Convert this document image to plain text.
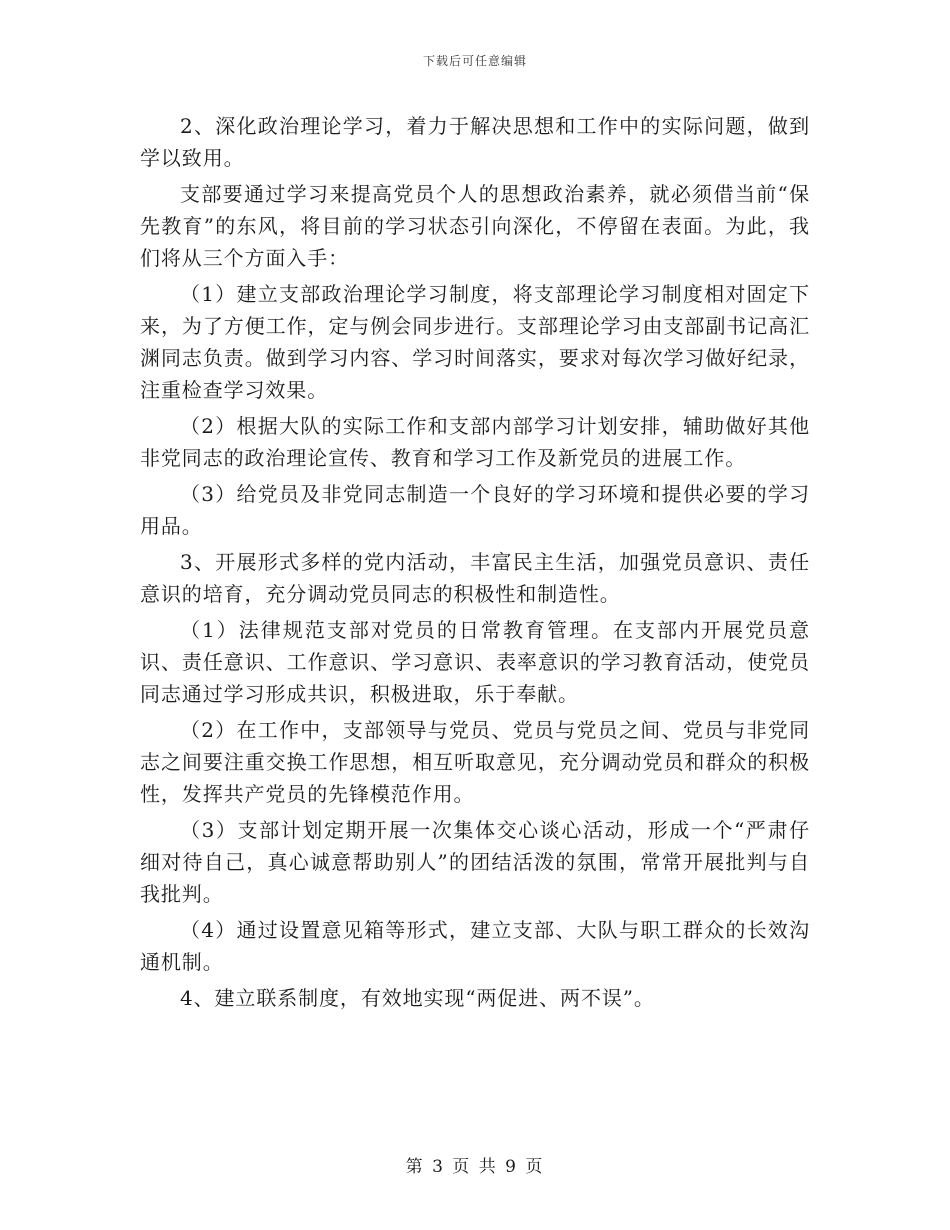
下载后可任意编辑

2、深化政治理论学习，着力于解决思想和工作中的实际问题，做到学以致用。

支部要通过学习来提高党员个人的思想政治素养，就必须借当前“保先教育”的东风，将目前的学习状态引向深化，不停留在表面。为此，我们将从三个方面入手：

（1）建立支部政治理论学习制度，将支部理论学习制度相对固定下来，为了方便工作，定与例会同步进行。支部理论学习由支部副书记高汇渊同志负责。做到学习内容、学习时间落实，要求对每次学习做好纪录，注重检查学习效果。

（2）根据大队的实际工作和支部内部学习计划安排，辅助做好其他非党同志的政治理论宣传、教育和学习工作及新党员的进展工作。

（3）给党员及非党同志制造一个良好的学习环境和提供必要的学习用品。

3、开展形式多样的党内活动，丰富民主生活，加强党员意识、责任意识的培育，充分调动党员同志的积极性和制造性。

（1）法律规范支部对党员的日常教育管理。在支部内开展党员意识、责任意识、工作意识、学习意识、表率意识的学习教育活动，使党员同志通过学习形成共识，积极进取，乐于奉献。

（2）在工作中，支部领导与党员、党员与党员之间、党员与非党同志之间要注重交换工作思想，相互听取意见，充分调动党员和群众的积极性，发挥共产党员的先锋模范作用。

（3）支部计划定期开展一次集体交心谈心活动，形成一个“严肃仔细对待自己，真心诚意帮助别人”的团结活泼的氛围，常常开展批判与自我批判。

（4）通过设置意见箱等形式，建立支部、大队与职工群众的长效沟通机制。

4、建立联系制度，有效地实现“两促进、两不误”。

第 3 页 共 9 页
